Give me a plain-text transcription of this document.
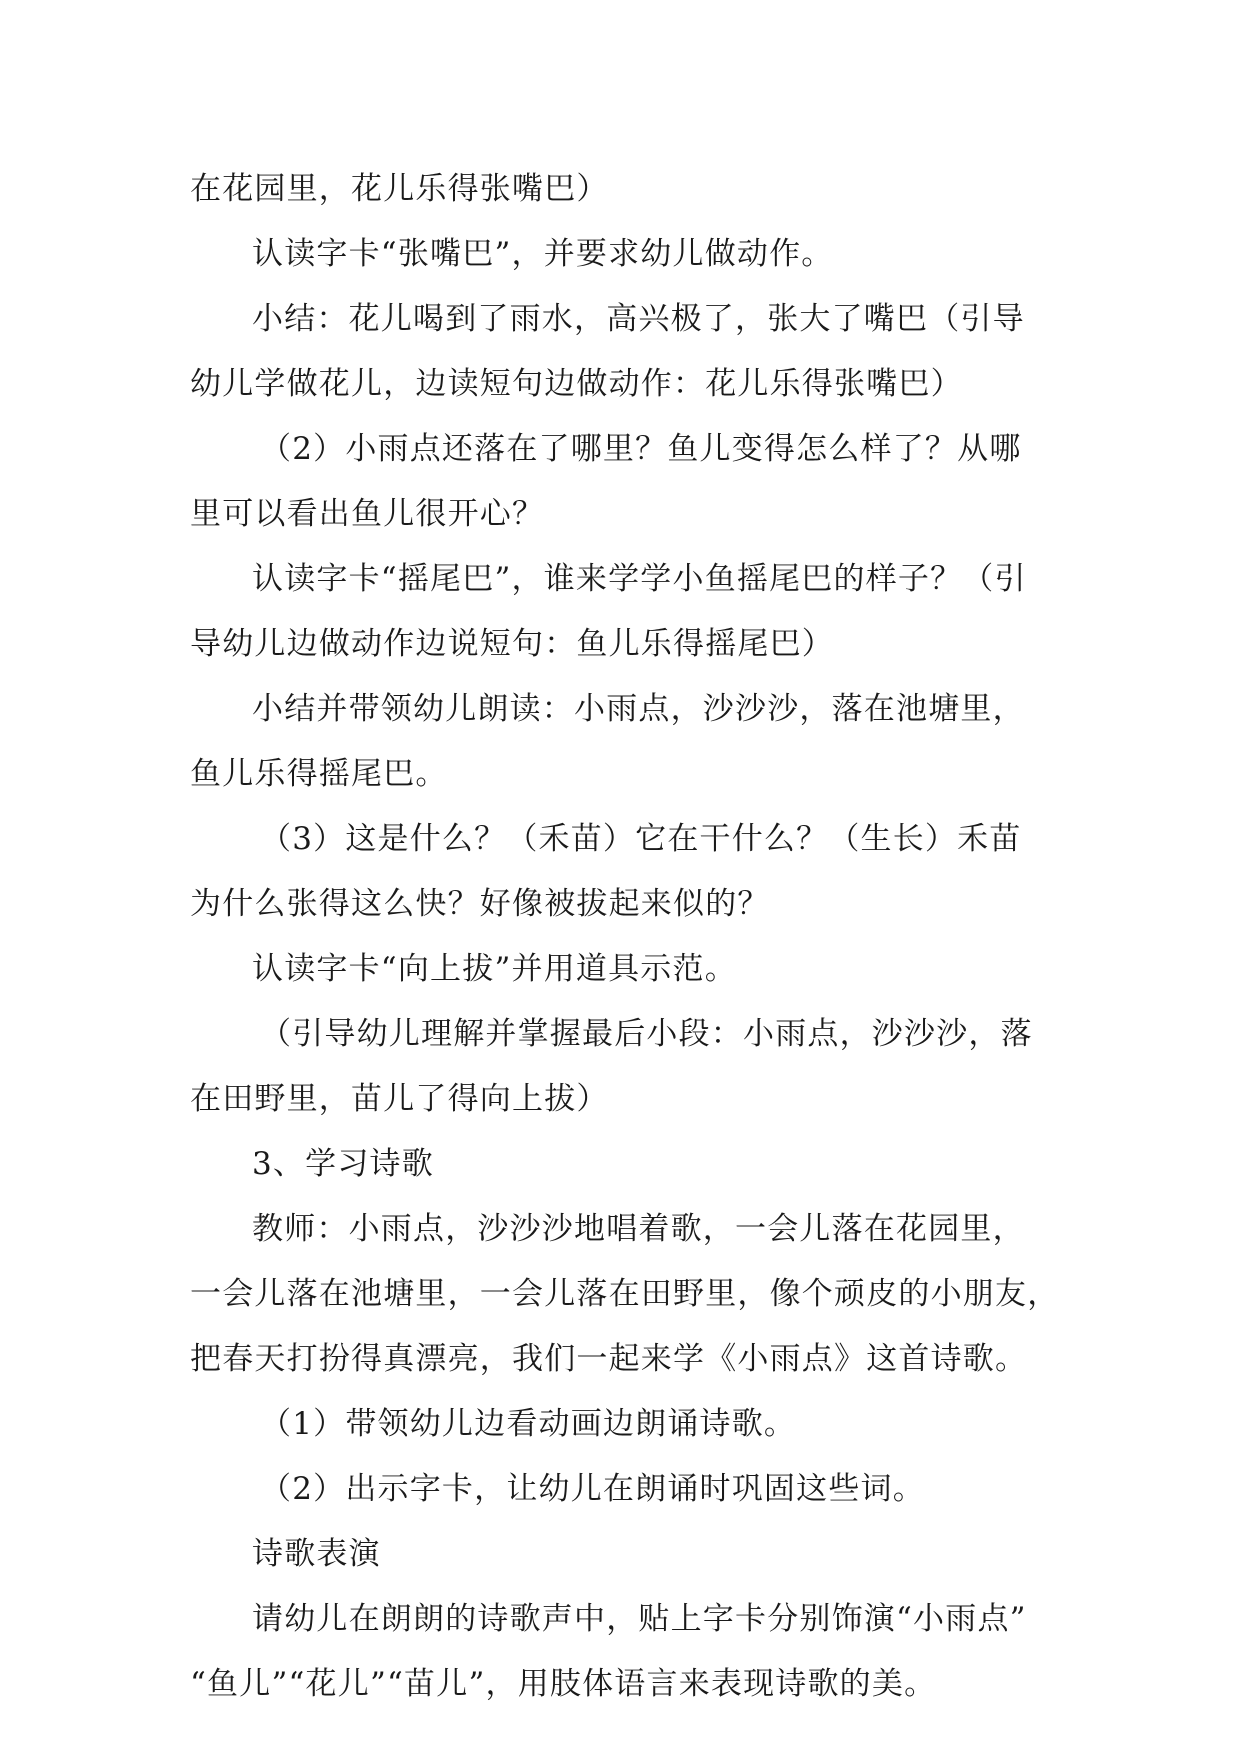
在花园里，花儿乐得张嘴巴）
认读字卡“张嘴巴”，并要求幼儿做动作。
小结：花儿喝到了雨水，高兴极了，张大了嘴巴（引导
幼儿学做花儿，边读短句边做动作：花儿乐得张嘴巴）
（2）小雨点还落在了哪里？鱼儿变得怎么样了？从哪
里可以看出鱼儿很开心？
认读字卡“摇尾巴”，谁来学学小鱼摇尾巴的样子？（引
导幼儿边做动作边说短句：鱼儿乐得摇尾巴）
小结并带领幼儿朗读：小雨点，沙沙沙，落在池塘里，
鱼儿乐得摇尾巴。
（3）这是什么？（禾苗）它在干什么？（生长）禾苗
为什么张得这么快？好像被拔起来似的？
认读字卡“向上拔”并用道具示范。
（引导幼儿理解并掌握最后小段：小雨点，沙沙沙，落
在田野里，苗儿了得向上拔）
3、学习诗歌
教师：小雨点，沙沙沙地唱着歌，一会儿落在花园里，
一会儿落在池塘里，一会儿落在田野里，像个顽皮的小朋友，
把春天打扮得真漂亮，我们一起来学《小雨点》这首诗歌。
（1）带领幼儿边看动画边朗诵诗歌。
（2）出示字卡，让幼儿在朗诵时巩固这些词。
诗歌表演
请幼儿在朗朗的诗歌声中，贴上字卡分别饰演“小雨点”
“鱼儿”“花儿”“苗儿”，用肢体语言来表现诗歌的美。
